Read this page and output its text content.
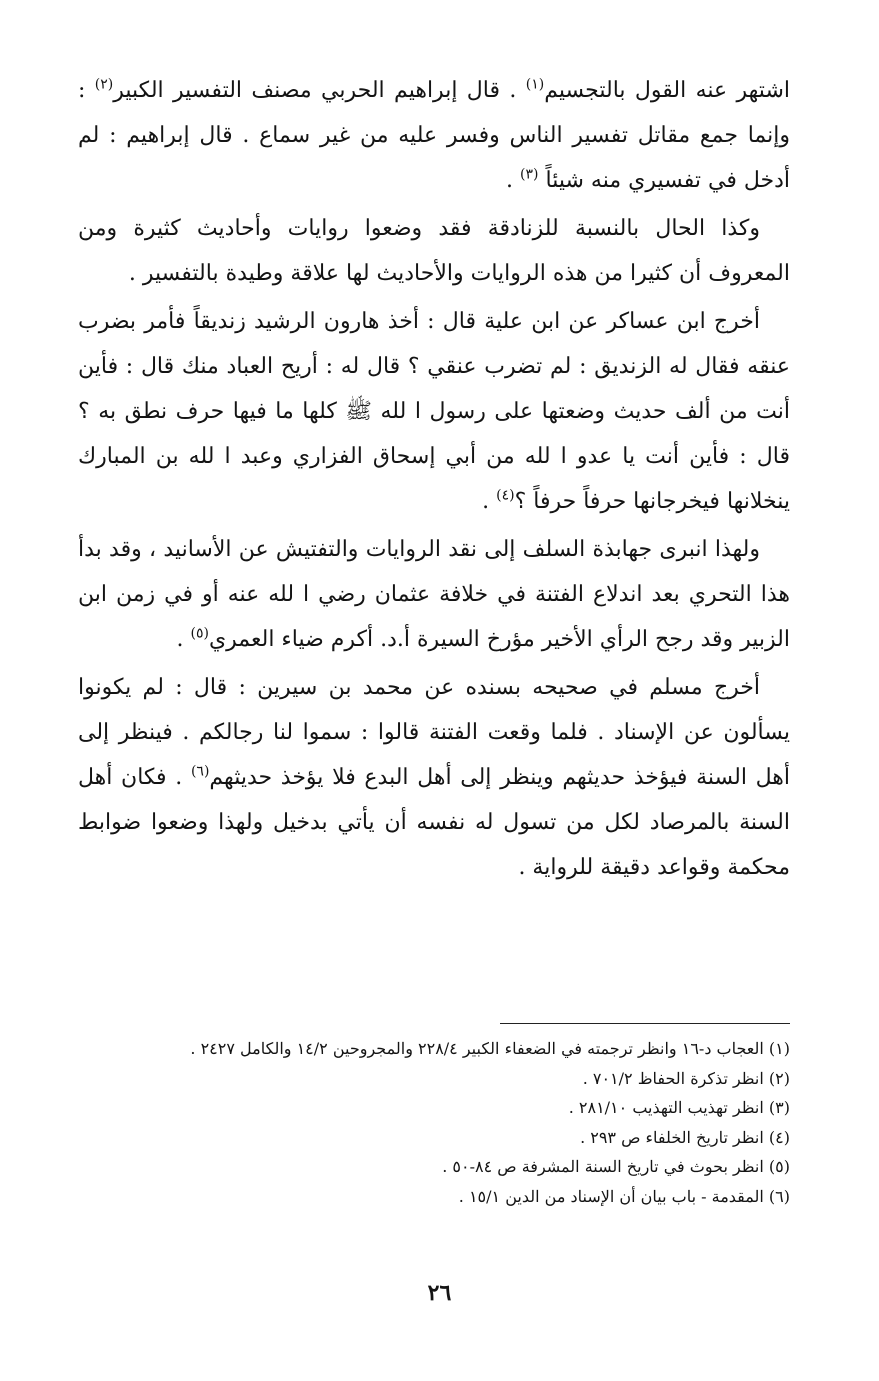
اشتهر عنه القول بالتجسيم$^{(١)}$ . قال إبراهيم الحربي مصنف التفسير الكبير$^{(٢)}$ : وإنما جمع مقاتل تفسير الناس وفسر عليه من غير سماع . قال إبراهيم : لم أدخل في تفسيري منه شيئاً $^{(٣)}$ .

وكذا الحال بالنسبة للزنادقة فقد وضعوا روايات وأحاديث كثيرة ومن المعروف أن كثيرا من هذه الروايات والأحاديث لها علاقة وطيدة بالتفسير .

أخرج ابن عساكر عن ابن علية قال : أخذ هارون الرشيد زنديقاً فأمر بضرب عنقه فقال له الزنديق : لم تضرب عنقي ؟ قال له : أريح العباد منك قال : فأين أنت من ألف حديث وضعتها على رسول ا لله ﷺ كلها ما فيها حرف نطق به ؟ قال : فأين أنت يا عدو ا لله من أبي إسحاق الفزاري وعبد ا لله بن المبارك ينخلانها فيخرجانها حرفاً حرفاً ؟$^{(٤)}$ .

ولهذا انبرى جهابذة السلف إلى نقد الروايات والتفتيش عن الأسانيد ، وقد بدأ هذا التحري بعد اندلاع الفتنة في خلافة عثمان رضي ا لله عنه أو في زمن ابن الزبير وقد رجح الرأي الأخير مؤرخ السيرة أ.د. أكرم ضياء العمري$^{(٥)}$ .

أخرج مسلم في صحيحه بسنده عن محمد بن سيرين : قال : لم يكونوا يسألون عن الإسناد . فلما وقعت الفتنة قالوا : سموا لنا رجالكم . فينظر إلى أهل السنة فيؤخذ حديثهم وينظر إلى أهل البدع فلا يؤخذ حديثهم$^{(٦)}$ . فكان أهل السنة بالمرصاد لكل من تسول له نفسه أن يأتي بدخيل ولهذا وضعوا ضوابط محكمة وقواعد دقيقة للرواية .

(١) العجاب د-١٦ وانظر ترجمته في الضعفاء الكبير ٢٢٨/٤ والمجروحين ١٤/٢ والكامل ٢٤٢٧ .
(٢) انظر تذكرة الحفاظ ٧٠١/٢ .
(٣) انظر تهذيب التهذيب ٢٨١/١٠ .
(٤) انظر تاريخ الخلفاء ص ٢٩٣ .
(٥) انظر بحوث في تاريخ السنة المشرفة ص ٨٤-٥٠ .
(٦) المقدمة - باب بيان أن الإسناد من الدين ١٥/١ .
٢٦
